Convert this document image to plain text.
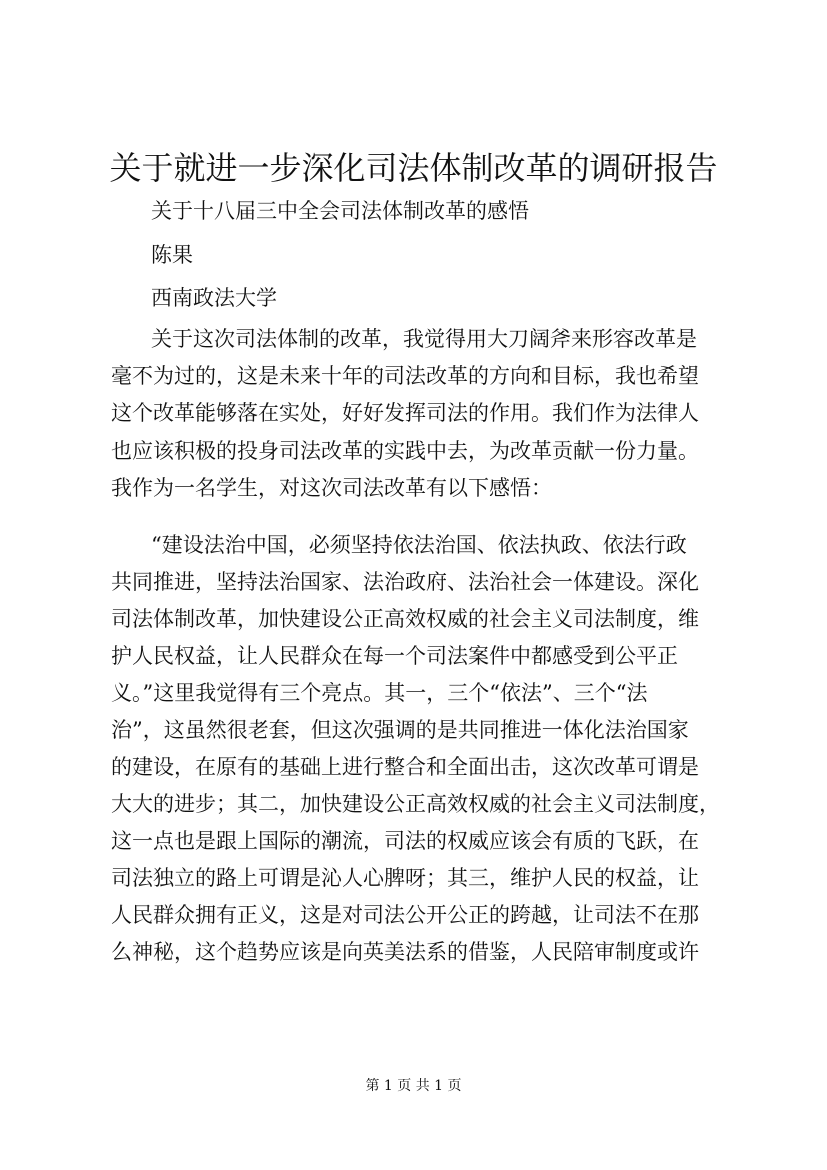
关于就进一步深化司法体制改革的调研报告

关于十八届三中全会司法体制改革的感悟

陈果

西南政法大学

关于这次司法体制的改革，我觉得用大刀阔斧来形容改革是

毫不为过的，这是未来十年的司法改革的方向和目标，我也希望

这个改革能够落在实处，好好发挥司法的作用。我们作为法律人

也应该积极的投身司法改革的实践中去，为改革贡献一份力量。

我作为一名学生，对这次司法改革有以下感悟：

“建设法治中国，必须坚持依法治国、依法执政、依法行政

共同推进，坚持法治国家、法治政府、法治社会一体建设。深化

司法体制改革，加快建设公正高效权威的社会主义司法制度，维

护人民权益，让人民群众在每一个司法案件中都感受到公平正

义。”这里我觉得有三个亮点。其一，三个“依法”、三个“法

治”，这虽然很老套，但这次强调的是共同推进一体化法治国家

的建设，在原有的基础上进行整合和全面出击，这次改革可谓是

大大的进步；其二，加快建设公正高效权威的社会主义司法制度，

这一点也是跟上国际的潮流，司法的权威应该会有质的飞跃，在

司法独立的路上可谓是沁人心脾呀；其三，维护人民的权益，让

人民群众拥有正义，这是对司法公开公正的跨越，让司法不在那

么神秘，这个趋势应该是向英美法系的借鉴，人民陪审制度或许

第 1 页 共 1 页
